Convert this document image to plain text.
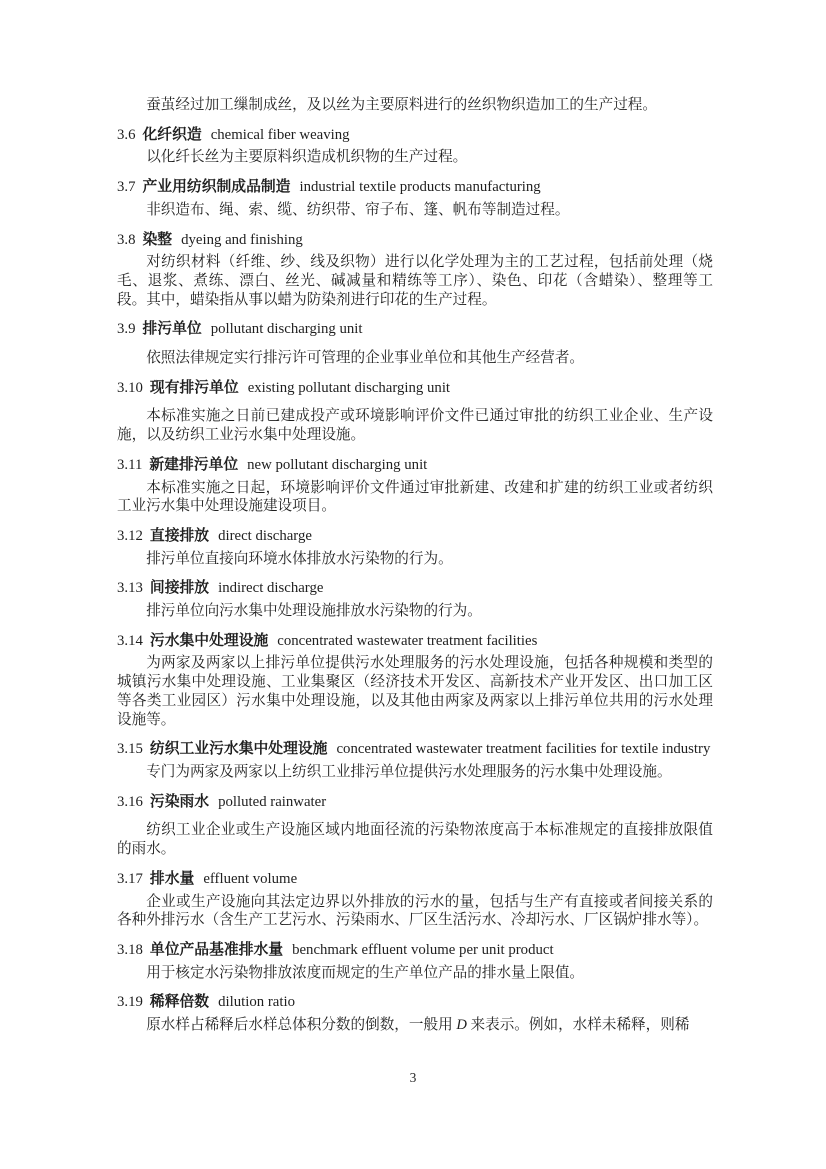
蚕茧经过加工缫制成丝，及以丝为主要原料进行的丝织物织造加工的生产过程。

3.6 化纤织造 chemical fiber weaving

以化纤长丝为主要原料织造成机织物的生产过程。

3.7 产业用纺织制成品制造 industrial textile products manufacturing

非织造布、绳、索、缆、纺织带、帘子布、篷、帆布等制造过程。

3.8 染整 dyeing and finishing

对纺织材料（纤维、纱、线及织物）进行以化学处理为主的工艺过程，包括前处理（烧毛、退浆、煮练、漂白、丝光、碱减量和精练等工序）、染色、印花（含蜡染）、整理等工段。其中，蜡染指从事以蜡为防染剂进行印花的生产过程。

3.9 排污单位 pollutant discharging unit

依照法律规定实行排污许可管理的企业事业单位和其他生产经营者。

3.10 现有排污单位 existing pollutant discharging unit

本标准实施之日前已建成投产或环境影响评价文件已通过审批的纺织工业企业、生产设施，以及纺织工业污水集中处理设施。

3.11 新建排污单位 new pollutant discharging unit

本标准实施之日起，环境影响评价文件通过审批新建、改建和扩建的纺织工业或者纺织工业污水集中处理设施建设项目。

3.12 直接排放 direct discharge

排污单位直接向环境水体排放水污染物的行为。

3.13 间接排放 indirect discharge

排污单位向污水集中处理设施排放水污染物的行为。

3.14 污水集中处理设施 concentrated wastewater treatment facilities

为两家及两家以上排污单位提供污水处理服务的污水处理设施，包括各种规模和类型的城镇污水集中处理设施、工业集聚区（经济技术开发区、高新技术产业开发区、出口加工区等各类工业园区）污水集中处理设施，以及其他由两家及两家以上排污单位共用的污水处理设施等。

3.15 纺织工业污水集中处理设施 concentrated wastewater treatment facilities for textile industry

专门为两家及两家以上纺织工业排污单位提供污水处理服务的污水集中处理设施。

3.16 污染雨水 polluted rainwater

纺织工业企业或生产设施区域内地面径流的污染物浓度高于本标准规定的直接排放限值的雨水。

3.17 排水量 effluent volume

企业或生产设施向其法定边界以外排放的污水的量，包括与生产有直接或者间接关系的各种外排污水（含生产工艺污水、污染雨水、厂区生活污水、冷却污水、厂区锅炉排水等）。

3.18 单位产品基准排水量 benchmark effluent volume per unit product

用于核定水污染物排放浓度而规定的生产单位产品的排水量上限值。

3.19 稀释倍数 dilution ratio

原水样占稀释后水样总体积分数的倒数，一般用 D 来表示。例如，水样未稀释，则稀

3
